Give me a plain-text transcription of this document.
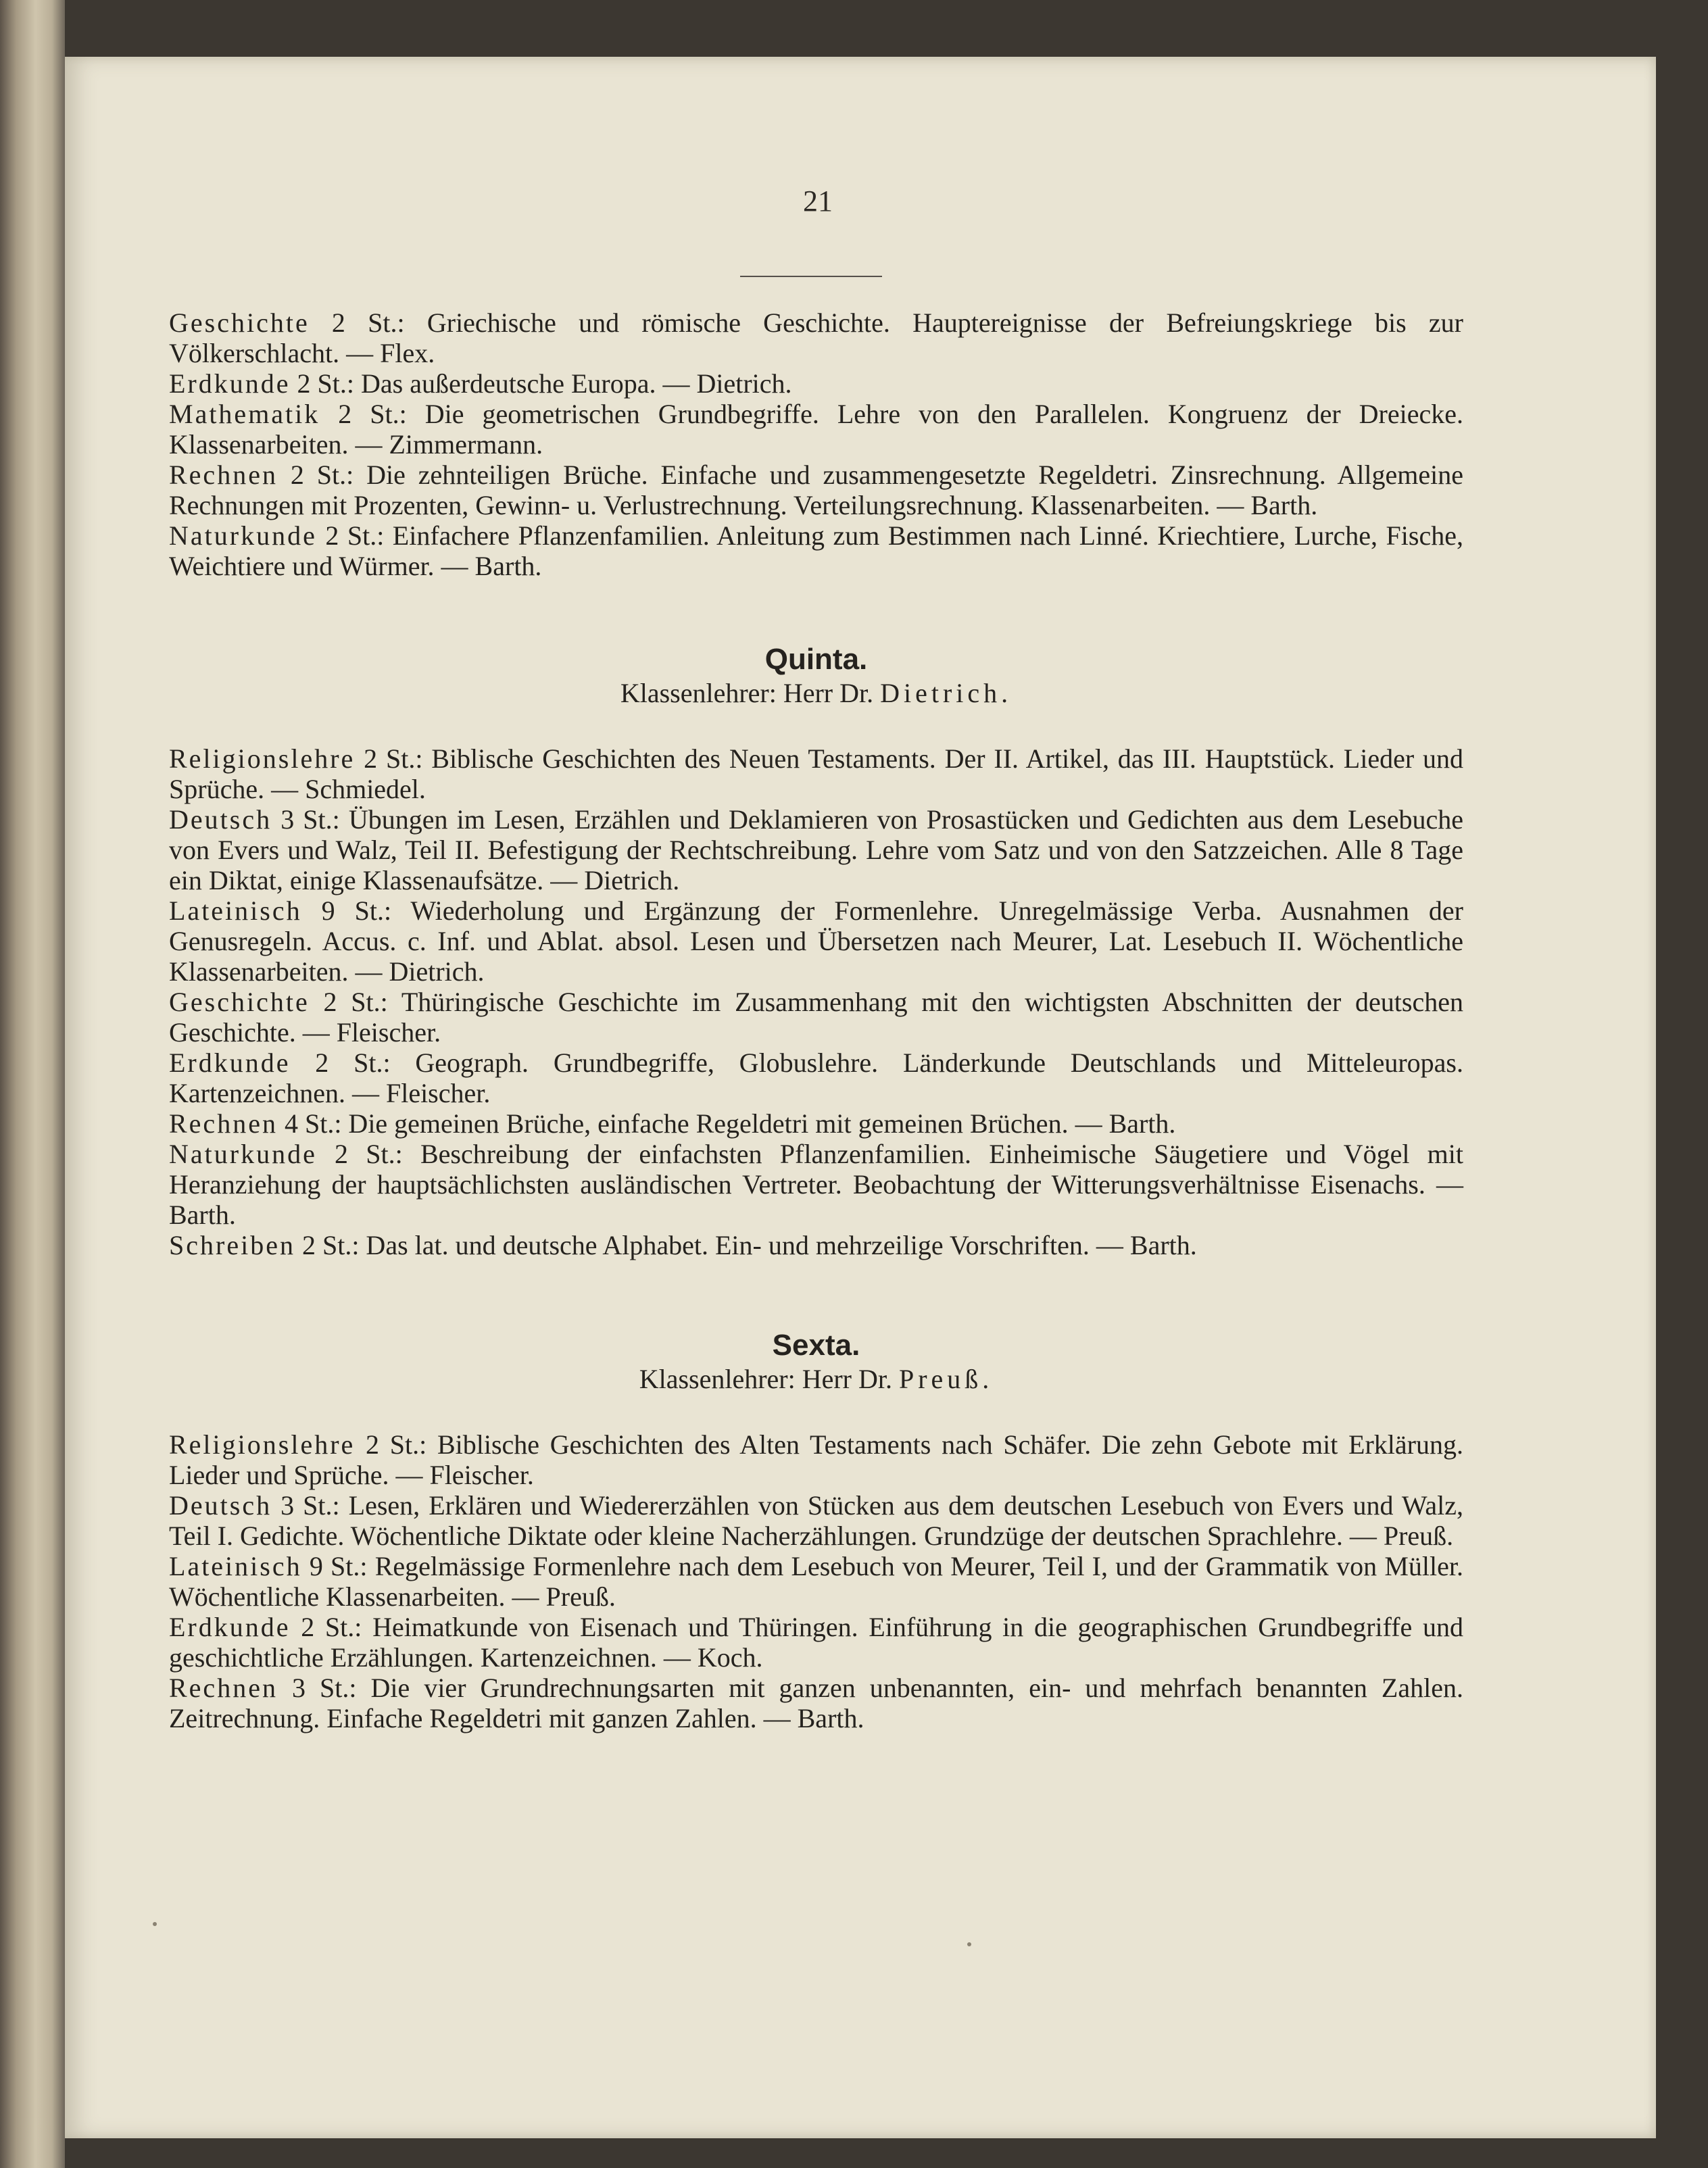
21
Geschichte 2 St.: Griechische und römische Geschichte. Hauptereignisse der Befreiungskriege bis zur Völkerschlacht. — Flex.
Erdkunde 2 St.: Das außerdeutsche Europa. — Dietrich.
Mathematik 2 St.: Die geometrischen Grundbegriffe. Lehre von den Parallelen. Kongruenz der Dreiecke. Klassenarbeiten. — Zimmermann.
Rechnen 2 St.: Die zehnteiligen Brüche. Einfache und zusammengesetzte Regeldetri. Zinsrechnung. Allgemeine Rechnungen mit Prozenten, Gewinn- u. Verlustrechnung. Verteilungsrechnung. Klassenarbeiten. — Barth.
Naturkunde 2 St.: Einfachere Pflanzenfamilien. Anleitung zum Bestimmen nach Linné. Kriechtiere, Lurche, Fische, Weichtiere und Würmer. — Barth.
Quinta.
Klassenlehrer: Herr Dr. Dietrich.
Religionslehre 2 St.: Biblische Geschichten des Neuen Testaments. Der II. Artikel, das III. Hauptstück. Lieder und Sprüche. — Schmiedel.
Deutsch 3 St.: Übungen im Lesen, Erzählen und Deklamieren von Prosastücken und Gedichten aus dem Lesebuche von Evers und Walz, Teil II. Befestigung der Rechtschreibung. Lehre vom Satz und von den Satzzeichen. Alle 8 Tage ein Diktat, einige Klassenaufsätze. — Dietrich.
Lateinisch 9 St.: Wiederholung und Ergänzung der Formenlehre. Unregelmässige Verba. Ausnahmen der Genusregeln. Accus. c. Inf. und Ablat. absol. Lesen und Übersetzen nach Meurer, Lat. Lesebuch II. Wöchentliche Klassenarbeiten. — Dietrich.
Geschichte 2 St.: Thüringische Geschichte im Zusammenhang mit den wichtigsten Abschnitten der deutschen Geschichte. — Fleischer.
Erdkunde 2 St.: Geograph. Grundbegriffe, Globuslehre. Länderkunde Deutschlands und Mitteleuropas. Kartenzeichnen. — Fleischer.
Rechnen 4 St.: Die gemeinen Brüche, einfache Regeldetri mit gemeinen Brüchen. — Barth.
Naturkunde 2 St.: Beschreibung der einfachsten Pflanzenfamilien. Einheimische Säugetiere und Vögel mit Heranziehung der hauptsächlichsten ausländischen Vertreter. Beobachtung der Witterungsverhältnisse Eisenachs. — Barth.
Schreiben 2 St.: Das lat. und deutsche Alphabet. Ein- und mehrzeilige Vorschriften. — Barth.
Sexta.
Klassenlehrer: Herr Dr. Preuß.
Religionslehre 2 St.: Biblische Geschichten des Alten Testaments nach Schäfer. Die zehn Gebote mit Erklärung. Lieder und Sprüche. — Fleischer.
Deutsch 3 St.: Lesen, Erklären und Wiedererzählen von Stücken aus dem deutschen Lesebuch von Evers und Walz, Teil I. Gedichte. Wöchentliche Diktate oder kleine Nacherzählungen. Grundzüge der deutschen Sprachlehre. — Preuß.
Lateinisch 9 St.: Regelmässige Formenlehre nach dem Lesebuch von Meurer, Teil I, und der Grammatik von Müller. Wöchentliche Klassenarbeiten. — Preuß.
Erdkunde 2 St.: Heimatkunde von Eisenach und Thüringen. Einführung in die geographischen Grundbegriffe und geschichtliche Erzählungen. Kartenzeichnen. — Koch.
Rechnen 3 St.: Die vier Grundrechnungsarten mit ganzen unbenannten, ein- und mehrfach benannten Zahlen. Zeitrechnung. Einfache Regeldetri mit ganzen Zahlen. — Barth.
